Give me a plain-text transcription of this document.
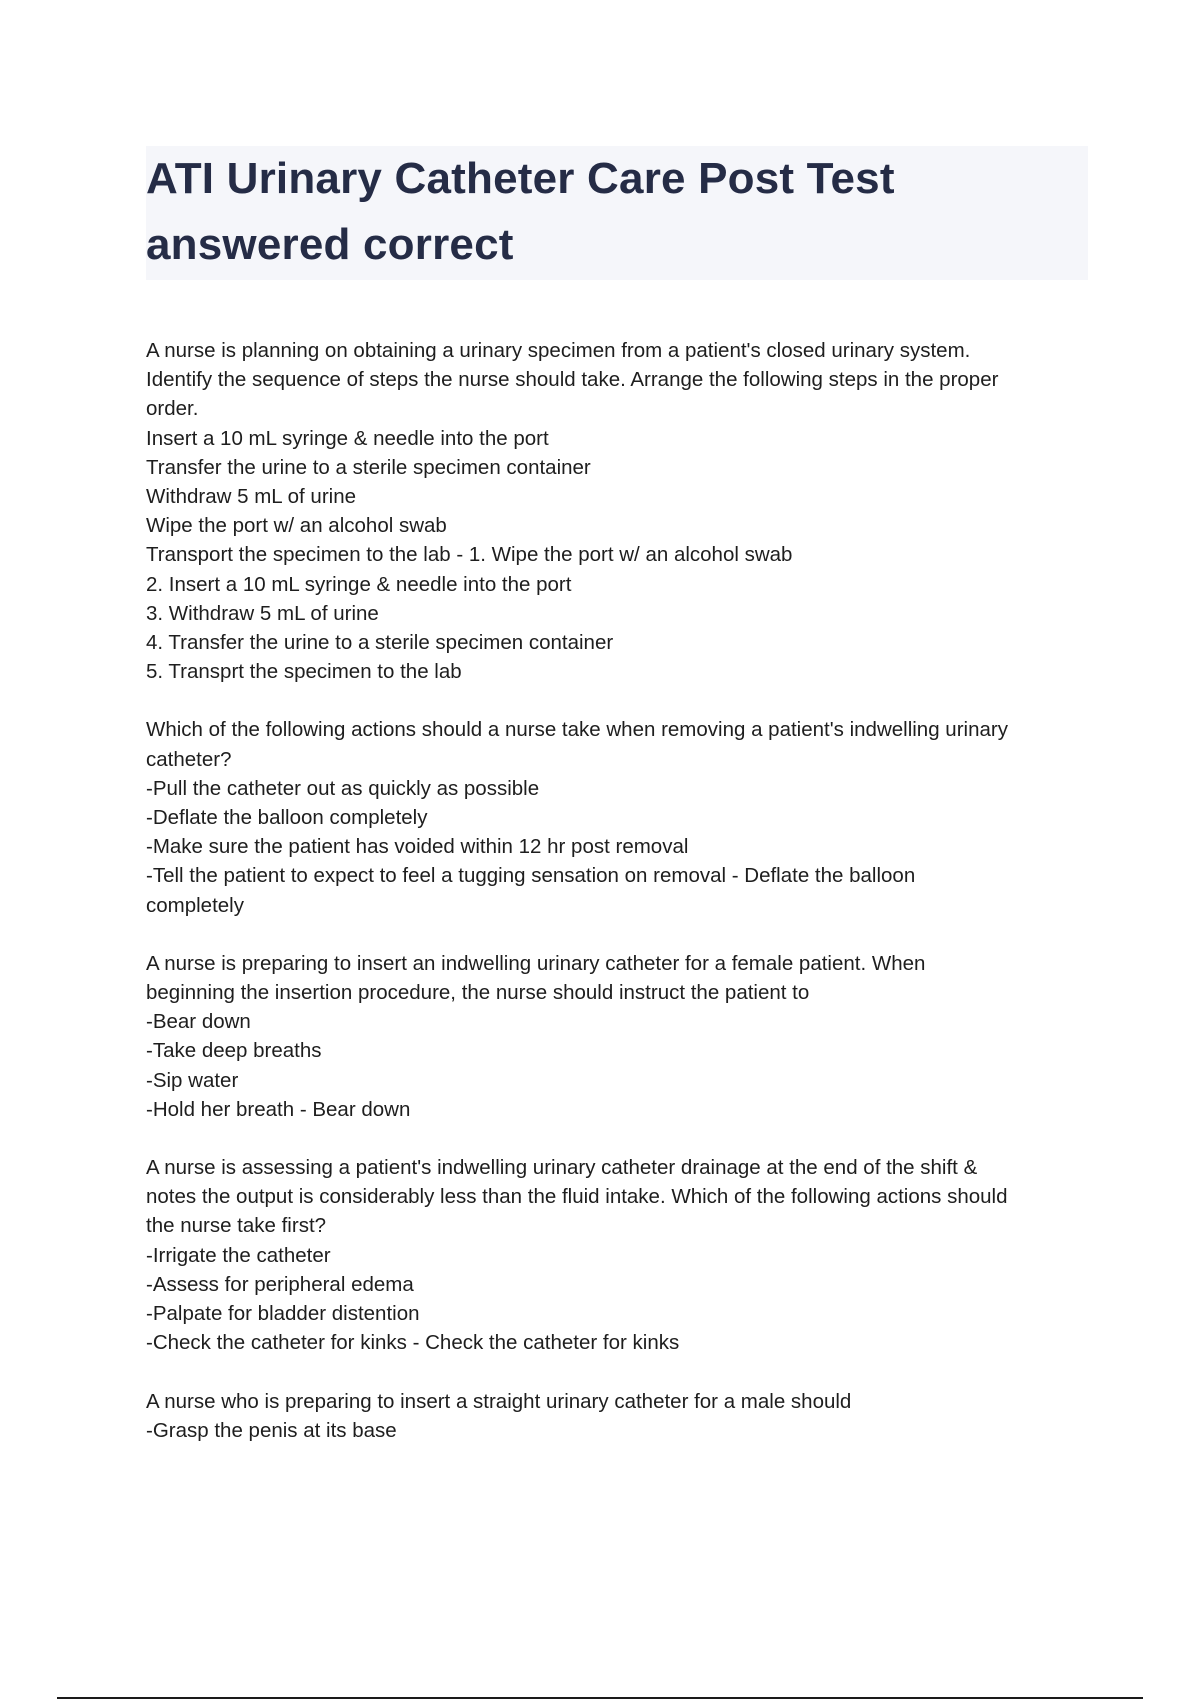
ATI Urinary Catheter Care Post Test
answered correct
A nurse is planning on obtaining a urinary specimen from a patient's closed urinary system.
Identify the sequence of steps the nurse should take. Arrange the following steps in the proper
order.
Insert a 10 mL syringe & needle into the port
Transfer the urine to a sterile specimen container
Withdraw 5 mL of urine
Wipe the port w/ an alcohol swab
Transport the specimen to the lab - 1. Wipe the port w/ an alcohol swab
2. Insert a 10 mL syringe & needle into the port
3. Withdraw 5 mL of urine
4. Transfer the urine to a sterile specimen container
5. Transprt the specimen to the lab
Which of the following actions should a nurse take when removing a patient's indwelling urinary
catheter?
-Pull the catheter out as quickly as possible
-Deflate the balloon completely
-Make sure the patient has voided within 12 hr post removal
-Tell the patient to expect to feel a tugging sensation on removal - Deflate the balloon
completely
A nurse is preparing to insert an indwelling urinary catheter for a female patient. When
beginning the insertion procedure, the nurse should instruct the patient to
-Bear down
-Take deep breaths
-Sip water
-Hold her breath - Bear down
A nurse is assessing a patient's indwelling urinary catheter drainage at the end of the shift &
notes the output is considerably less than the fluid intake. Which of the following actions should
the nurse take first?
-Irrigate the catheter
-Assess for peripheral edema
-Palpate for bladder distention
-Check the catheter for kinks - Check the catheter for kinks
A nurse who is preparing to insert a straight urinary catheter for a male should
-Grasp the penis at its base
